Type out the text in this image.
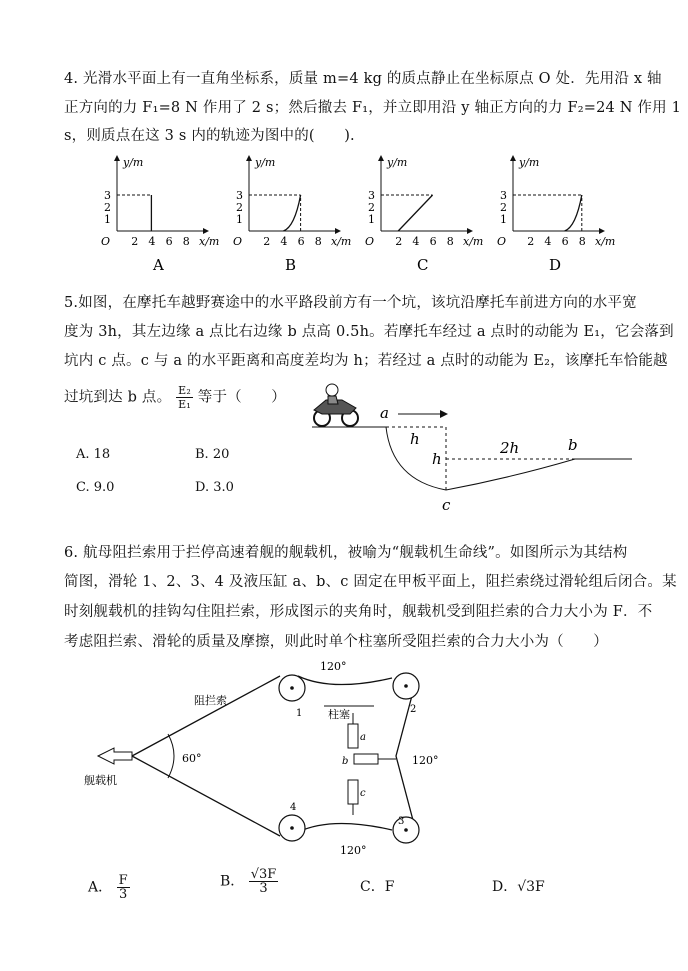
4. 光滑水平面上有一直角坐标系，质量 m=4 kg 的质点静止在坐标原点 O 处．先用沿 x 轴
正方向的力 F₁=8 N 作用了 2 s；然后撤去 F₁，并立即用沿 y 轴正方向的力 F₂=24 N 作用 1
s，则质点在这 3 s 内的轨迹为图中的(　　).
y/m
x/m
O
1
2
3
2 4 6 8
A
y/m
x/m
O
1
2
3
2 4 6 8
B
y/m
x/m
O
1
2
3
2 4 6 8
C
y/m
x/m
O
1
2
3
2 4 6 8
D
5.如图，在摩托车越野赛途中的水平路段前方有一个坑，该坑沿摩托车前进方向的水平宽
度为 3h，其左边缘 a 点比右边缘 b 点高 0.5h。若摩托车经过 a 点时的动能为 E₁，它会落到
坑内 c 点。c 与 a 的水平距离和高度差均为 h；若经过 a 点时的动能为 E₂，该摩托车恰能越
过坑到达 b 点。 $\frac{\text{E₂}}{\text{E₁}}$ 等于（　　）
A. 18	B. 20
C. 9.0	D. 3.0
a
h
h
2h	b
c
6. 航母阻拦索用于拦停高速着舰的舰载机，被喻为“舰载机生命线”。如图所示为其结构
简图，滑轮 1、2、3、4 及液压缸 a、b、c 固定在甲板平面上，阻拦索绕过滑轮组后闭合。某
时刻舰载机的挂钩勾住阻拦索，形成图示的夹角时，舰载机受到阻拦索的合力大小为 F．不
考虑阻拦索、滑轮的质量及摩擦，则此时单个柱塞所受阻拦索的合力大小为（　　）
60°
120°
120°
120°
阻拦索
柱塞
舰载机
1	2
3
4
a
b
c
A． $\frac{F}{3}$	B． $\frac{√3F}{3}$	C．F	D．√3F
